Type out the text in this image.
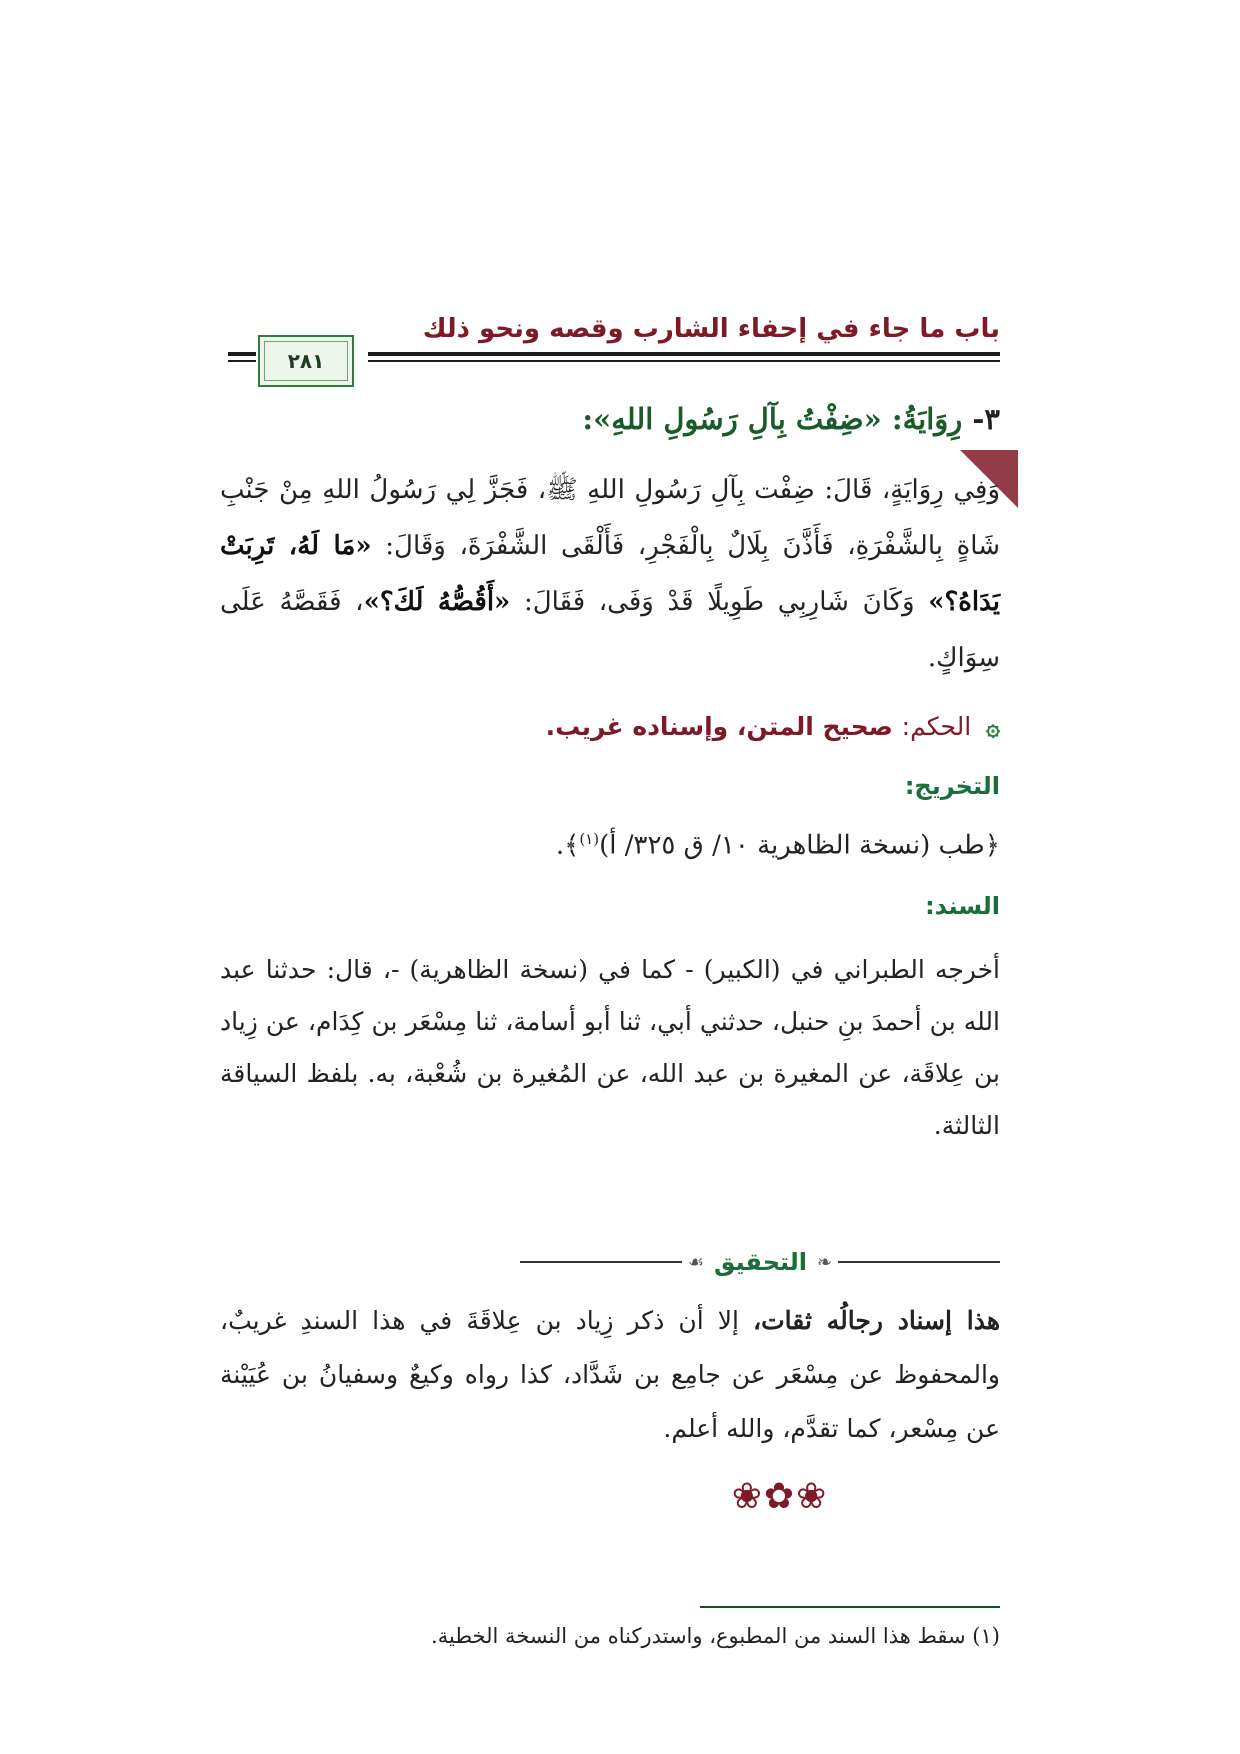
باب ما جاء في إحفاء الشارب وقصه ونحو ذلك
٢٨١
٣- رِوَايَةُ: «ضِفْتُ بِآلِ رَسُولِ اللهِ»:
وَفِي رِوَايَةٍ، قَالَ: ضِفْت بِآلِ رَسُولِ اللهِ ﷺ، فَجَزَّ لِي رَسُولُ اللهِ مِنْ جَنْبِ شَاةٍ بِالشَّفْرَةِ، فَأَذَّنَ بِلَالٌ بِالْفَجْرِ، فَأَلْقَى الشَّفْرَةَ، وَقَالَ: «مَا لَهُ، تَرِبَتْ يَدَاهُ؟» وَكَانَ شَارِبِي طَوِيلًا قَدْ وَفَى، فَقَالَ: «أَقُصُّهُ لَكَ؟»، فَقَصَّهُ عَلَى سِوَاكٍ.
۞ الحكم: صحيح المتن، وإسناده غريب.
التخريج:
﴿طب (نسخة الظاهرية ١٠/ ق ٣٢٥/ أ)$^{(١)}$﴾.
السند:
أخرجه الطبراني في (الكبير) - كما في (نسخة الظاهرية) -، قال: حدثنا عبد الله بن أحمدَ بنِ حنبل، حدثني أبي، ثنا أبو أسامة، ثنا مِسْعَر بن كِدَام، عن زِياد بن عِلاقَة، عن المغيرة بن عبد الله، عن المُغيرة بن شُعْبة، به. بلفظ السياقة الثالثة.
❧
التحقيق
☙
هذا إسناد رجالُه ثقات، إلا أن ذكر زِياد بن عِلاقَةَ في هذا السندِ غريبٌ، والمحفوظ عن مِسْعَر عن جامِع بن شَدَّاد، كذا رواه وكيعٌ وسفيانُ بن عُيَيْنة عن مِسْعر، كما تقدَّم، والله أعلم.
❀✿❀
(١) سقط هذا السند من المطبوع، واستدركناه من النسخة الخطية.
